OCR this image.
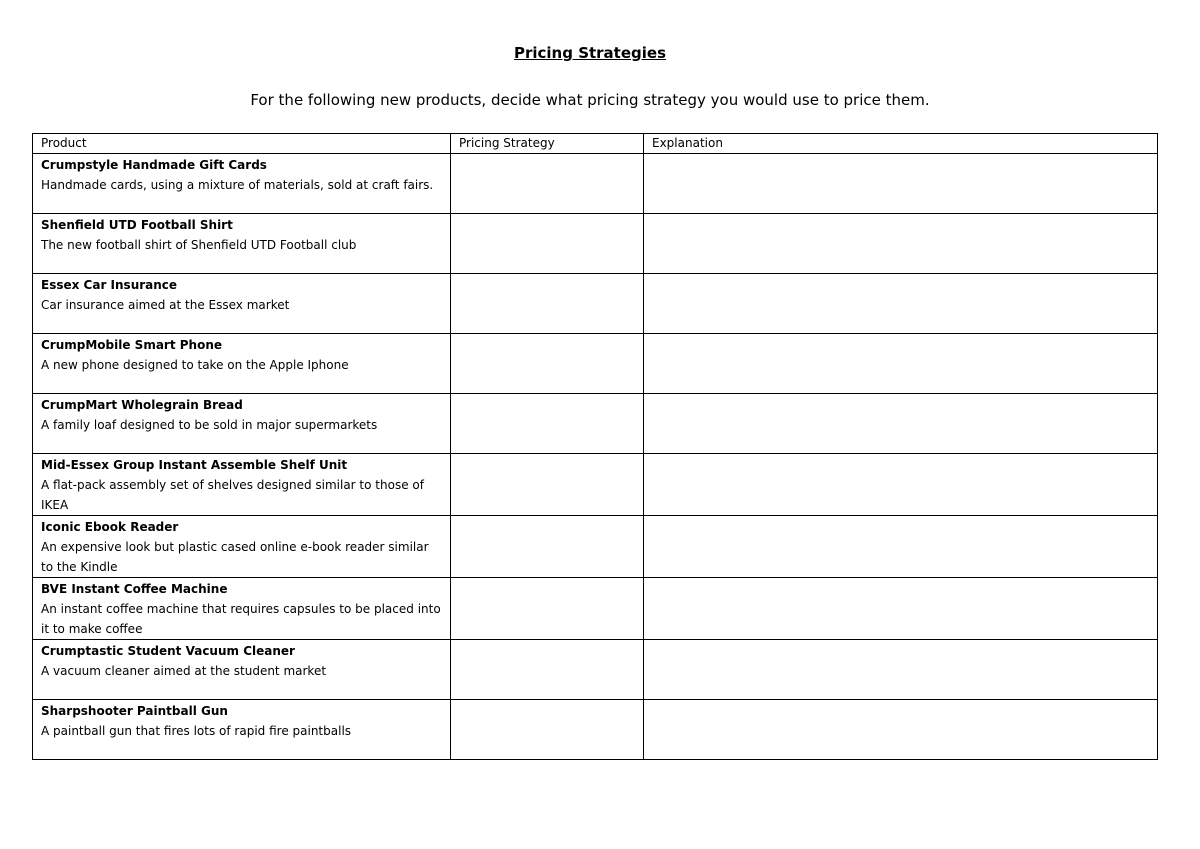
Pricing Strategies

For the following new products, decide what pricing strategy you would use to price them.

Product	Pricing Strategy	Explanation

Crumpstyle Handmade Gift Cards
Handmade cards, using a mixture of materials, sold at craft fairs.		

Shenfield UTD Football Shirt
The new football shirt of Shenfield UTD Football club		

Essex Car Insurance
Car insurance aimed at the Essex market		

CrumpMobile Smart Phone
A new phone designed to take on the Apple Iphone		

CrumpMart Wholegrain Bread
A family loaf designed to be sold in major supermarkets		

Mid-Essex Group Instant Assemble Shelf Unit
A flat-pack assembly set of shelves designed similar to those of IKEA		

Iconic Ebook Reader
An expensive look but plastic cased online e-book reader similar to the Kindle		

BVE Instant Coffee Machine
An instant coffee machine that requires capsules to be placed into it to make coffee		

Crumptastic Student Vacuum Cleaner
A vacuum cleaner aimed at the student market		

Sharpshooter Paintball Gun
A paintball gun that fires lots of rapid fire paintballs		
